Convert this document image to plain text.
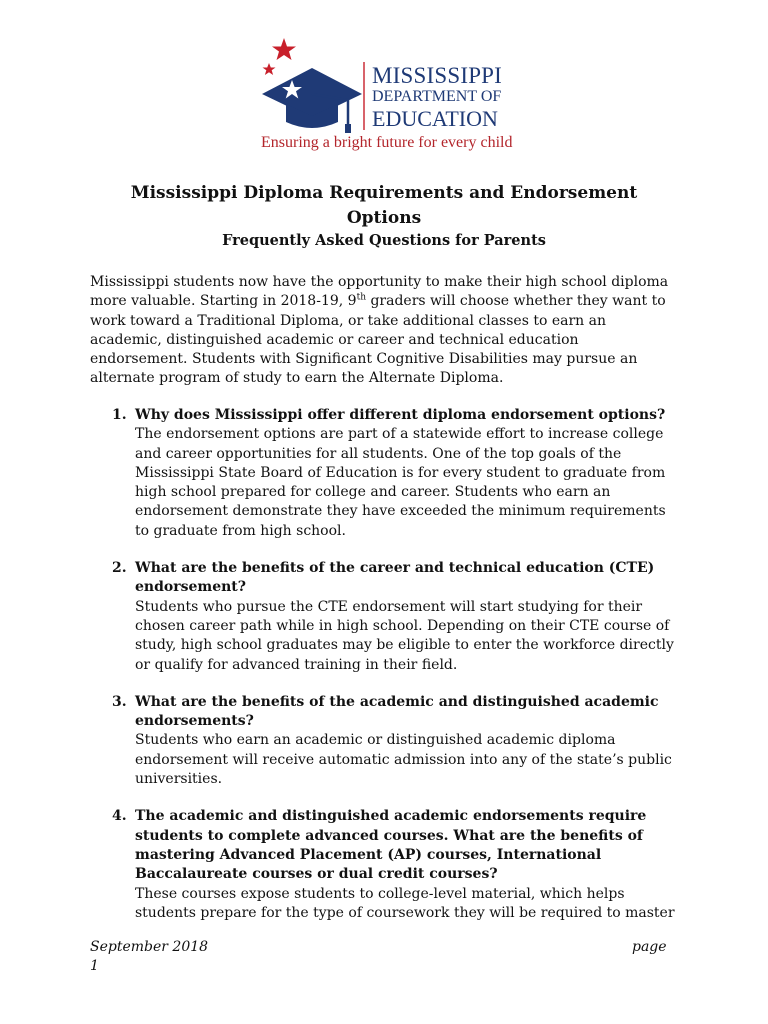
MISSISSIPPI
DEPARTMENT OF
EDUCATION
Ensuring a bright future for every child
Mississippi Diploma Requirements and Endorsement Options
Frequently Asked Questions for Parents

Mississippi students now have the opportunity to make their high school diploma more valuable. Starting in 2018-19, 9th graders will choose whether they want to work toward a Traditional Diploma, or take additional classes to earn an academic, distinguished academic or career and technical education endorsement. Students with Significant Cognitive Disabilities may pursue an alternate program of study to earn the Alternate Diploma.

1. Why does Mississippi offer different diploma endorsement options?
The endorsement options are part of a statewide effort to increase college and career opportunities for all students. One of the top goals of the Mississippi State Board of Education is for every student to graduate from high school prepared for college and career. Students who earn an endorsement demonstrate they have exceeded the minimum requirements to graduate from high school.
2. What are the benefits of the career and technical education (CTE) endorsement?
Students who pursue the CTE endorsement will start studying for their chosen career path while in high school. Depending on their CTE course of study, high school graduates may be eligible to enter the workforce directly or qualify for advanced training in their field.
3. What are the benefits of the academic and distinguished academic endorsements?
Students who earn an academic or distinguished academic diploma endorsement will receive automatic admission into any of the state’s public universities.
4. The academic and distinguished academic endorsements require students to complete advanced courses. What are the benefits of mastering Advanced Placement (AP) courses, International Baccalaureate courses or dual credit courses?
These courses expose students to college-level material, which helps students prepare for the type of coursework they will be required to master
September 2018	page
1
